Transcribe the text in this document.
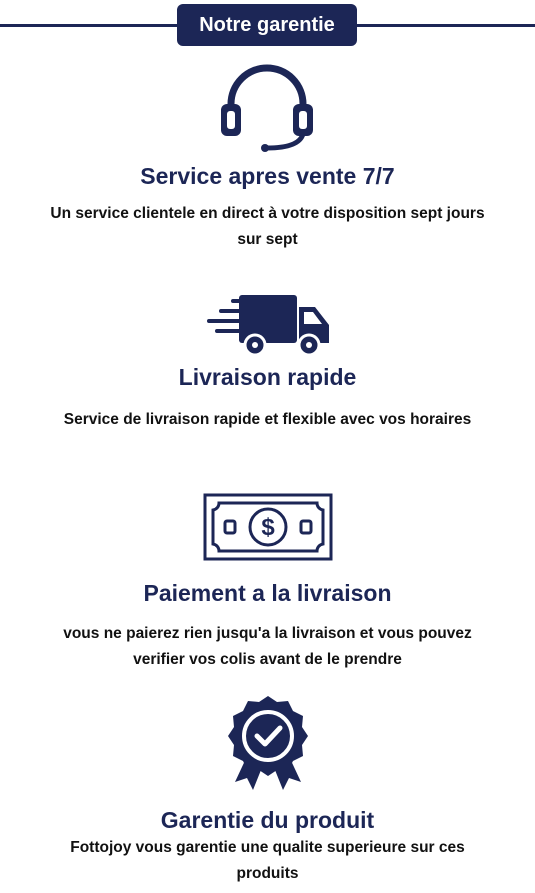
Notre garentie
Service apres vente 7/7
Un service clientele en direct à votre disposition sept jours sur sept
Livraison rapide
Service de livraison rapide et flexible avec vos horaires
$
Paiement a la livraison
vous ne paierez rien jusqu'a la livraison et vous pouvez verifier vos colis avant de le prendre
Garentie du produit
Fottojoy vous garentie une qualite superieure sur ces produits
